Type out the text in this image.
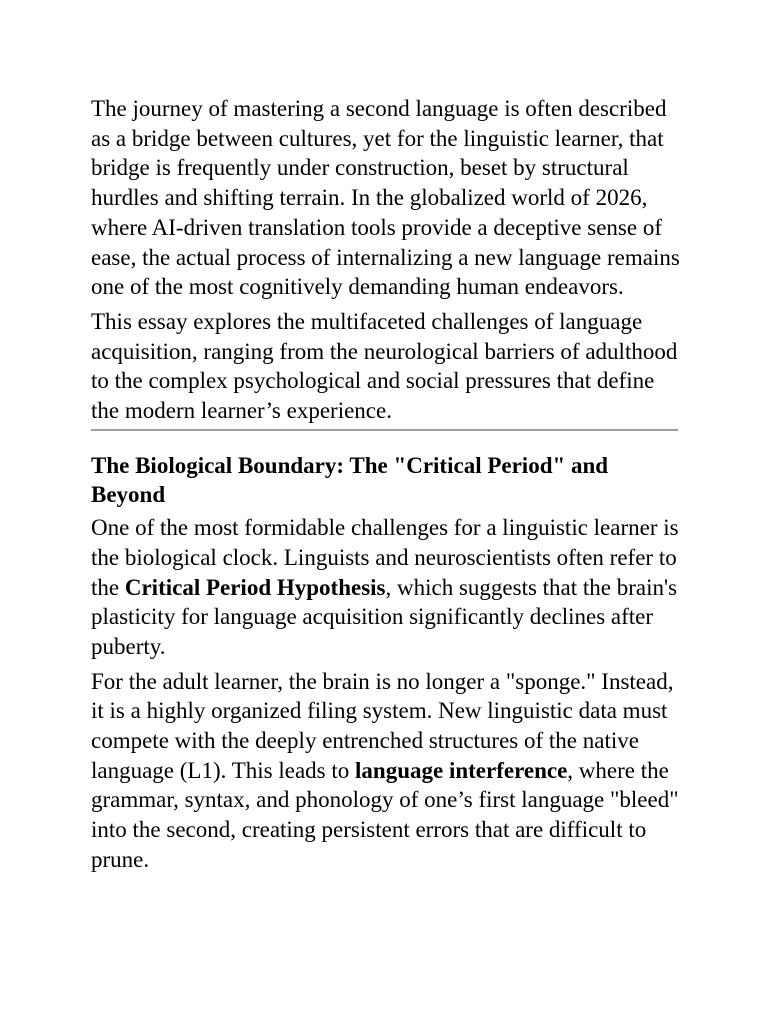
The journey of mastering a second language is often described as a bridge between cultures, yet for the linguistic learner, that bridge is frequently under construction, beset by structural hurdles and shifting terrain. In the globalized world of 2026, where AI-driven translation tools provide a deceptive sense of ease, the actual process of internalizing a new language remains one of the most cognitively demanding human endeavors.

This essay explores the multifaceted challenges of language acquisition, ranging from the neurological barriers of adulthood to the complex psychological and social pressures that define the modern learner’s experience.

The Biological Boundary: The "Critical Period" and Beyond

One of the most formidable challenges for a linguistic learner is the biological clock. Linguists and neuroscientists often refer to the Critical Period Hypothesis, which suggests that the brain's plasticity for language acquisition significantly declines after puberty.

For the adult learner, the brain is no longer a "sponge." Instead, it is a highly organized filing system. New linguistic data must compete with the deeply entrenched structures of the native language (L1). This leads to language interference, where the grammar, syntax, and phonology of one’s first language "bleed" into the second, creating persistent errors that are difficult to prune.
